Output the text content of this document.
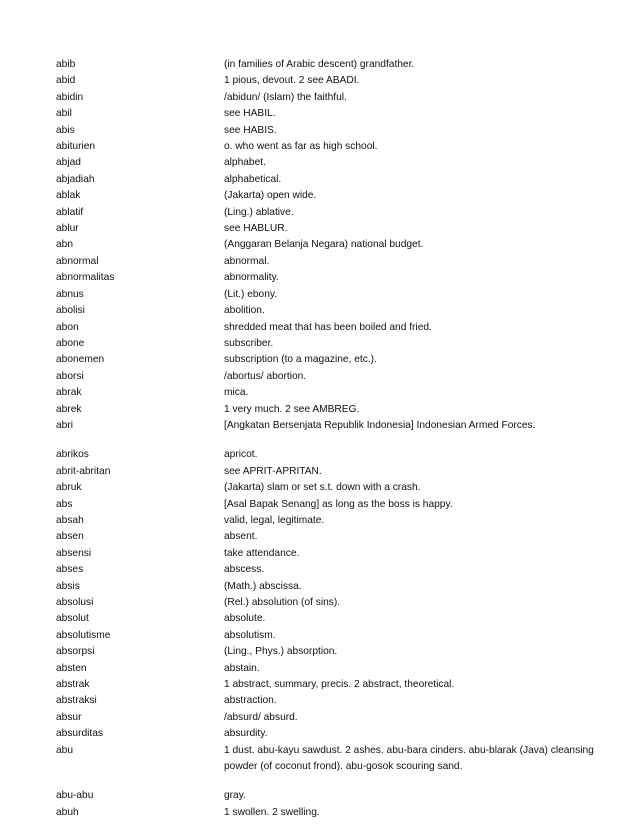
abib	(in families of Arabic descent) grandfather.
abid	1 pious, devout. 2 see ABADI.
abidin	/abidun/ (Islam) the faithful.
abil	see HABIL.
abis	see HABIS.
abiturien	o. who went as far as high school.
abjad	alphabet.
abjadiah	alphabetical.
ablak	(Jakarta) open wide.
ablatif	(Ling.) ablative.
ablur	see HABLUR.
abn	(Anggaran Belanja Negara) national budget.
abnormal	abnormal.
abnormalitas	abnormality.
abnus	(Lit.) ebony.
abolisi	abolition.
abon	shredded meat that has been boiled and fried.
abone	subscriber.
abonemen	subscription (to a magazine, etc.).
aborsi	/abortus/ abortion.
abrak	mica.
abrek	1 very much. 2 see AMBREG.
abri	[Angkatan Bersenjata Republik Indonesia] Indonesian Armed Forces.
abrikos	apricot.
abrit-abritan	see APRIT-APRITAN.
abruk	(Jakarta) slam or set s.t. down with a crash.
abs	[Asal Bapak Senang] as long as the boss is happy.
absah	valid, legal, legitimate.
absen	absent.
absensi	take attendance.
abses	abscess.
absis	(Math.) abscissa.
absolusi	(Rel.) absolution (of sins).
absolut	absolute.
absolutisme	absolutism.
absorpsi	(Ling., Phys.) absorption.
absten	abstain.
abstrak	1 abstract, summary, precis. 2 abstract, theoretical.
abstraksi	abstraction.
absur	/absurd/ absurd.
absurditas	absurdity.
abu	1 dust. abu-kayu sawdust. 2 ashes. abu-bara cinders. abu-blarak (Java) cleansing powder (of coconut frond). abu-gosok scouring sand.
abu-abu	gray.
abuh	1 swollen. 2 swelling.
